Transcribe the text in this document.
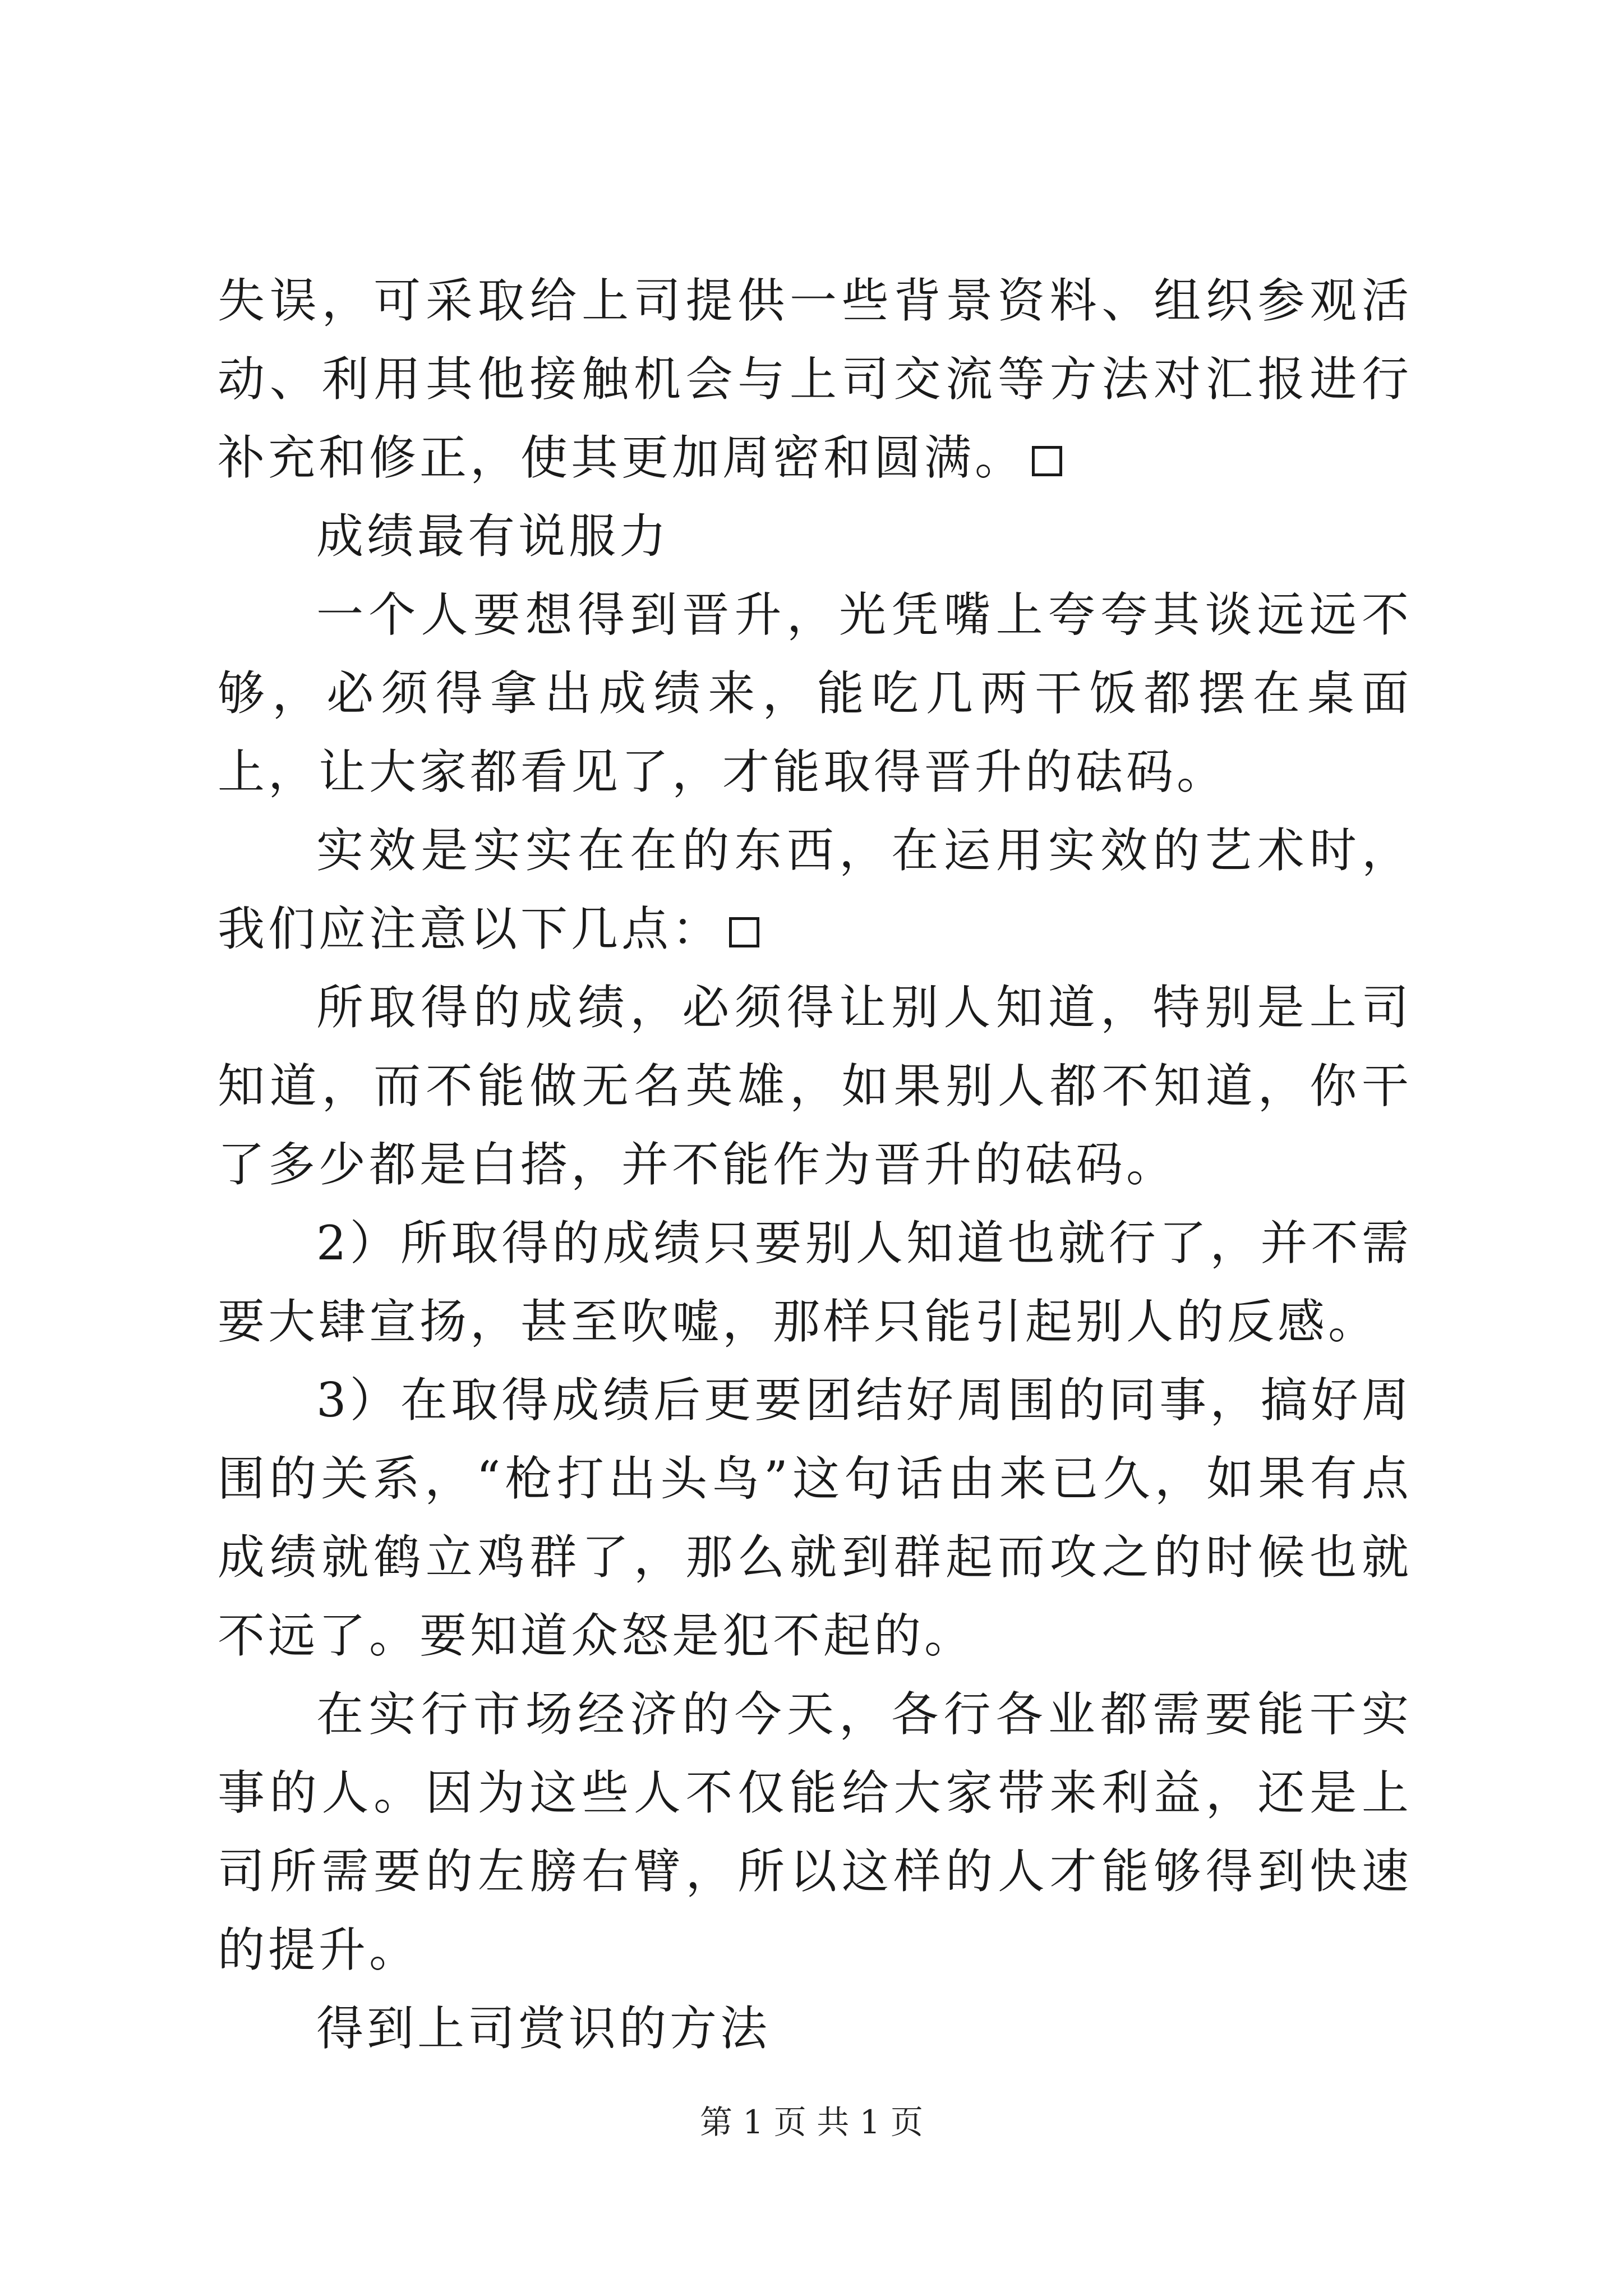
失误，可采取给上司提供一些背景资料、组织参观活动、利用其他接触机会与上司交流等方法对汇报进行补充和修正，使其更加周密和圆满。

成绩最有说服力

一个人要想得到晋升，光凭嘴上夸夸其谈远远不够，必须得拿出成绩来，能吃几两干饭都摆在桌面上，让大家都看见了，才能取得晋升的砝码。

实效是实实在在的东西，在运用实效的艺术时，我们应注意以下几点：

所取得的成绩，必须得让别人知道，特别是上司知道，而不能做无名英雄，如果别人都不知道，你干了多少都是白搭，并不能作为晋升的砝码。

2）所取得的成绩只要别人知道也就行了，并不需要大肆宣扬，甚至吹嘘，那样只能引起别人的反感。

3）在取得成绩后更要团结好周围的同事，搞好周围的关系，“枪打出头鸟”这句话由来已久，如果有点成绩就鹤立鸡群了，那么就到群起而攻之的时候也就不远了。要知道众怒是犯不起的。

在实行市场经济的今天，各行各业都需要能干实事的人。因为这些人不仅能给大家带来利益，还是上司所需要的左膀右臂，所以这样的人才能够得到快速的提升。

得到上司赏识的方法

第 1 页 共 1 页
